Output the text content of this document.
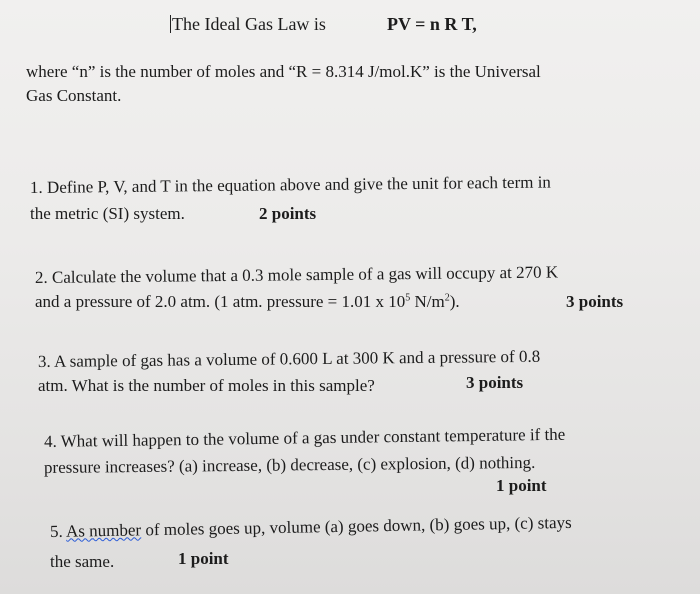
The Ideal Gas Law is	PV = n R T,
where “n” is the number of moles and “R = 8.314 J/mol.K” is the Universal
Gas Constant.
1. Define P, V, and T in the equation above and give the unit for each term in
the metric (SI) system.	2 points
2. Calculate the volume that a 0.3 mole sample of a gas will occupy at 270 K
and a pressure of 2.0 atm. (1 atm. pressure = 1.01 x $10^5$ $N/m^2$).	3 points
3. A sample of gas has a volume of 0.600 L at 300 K and a pressure of 0.8
atm. What is the number of moles in this sample?	3 points
4. What will happen to the volume of a gas under constant temperature if the
pressure increases? (a) increase, (b) decrease, (c) explosion, (d) nothing.
1 point
5. As number of moles goes up, volume (a) goes down, (b) goes up, (c) stays
the same.	1 point
